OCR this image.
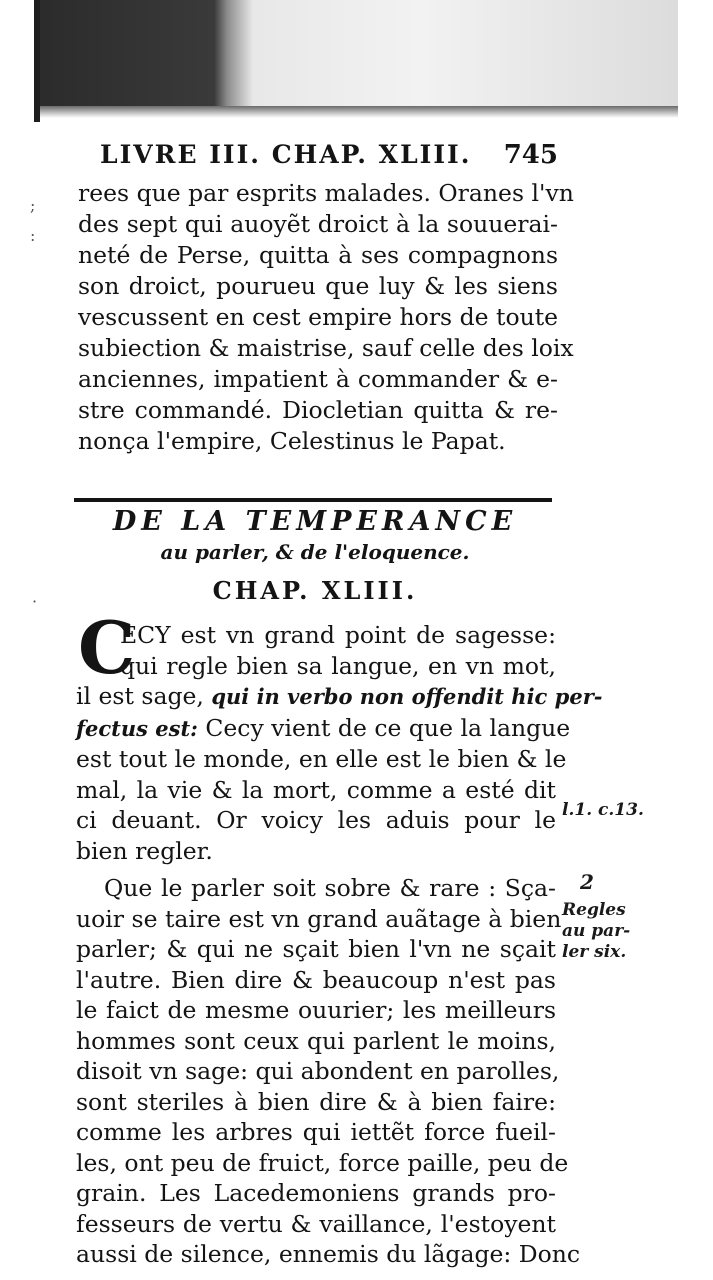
;
:
·
LIVRE III. CHAP. XLIII. 745

rees que par esprits malades. Oranes l'vn

des sept qui auoyẽt droict à la souuerai-

neté de Perse, quitta à ses compagnons

son droict, pourueu que luy & les siens

vescussent en cest empire hors de toute

subiection & maistrise, sauf celle des loix

anciennes, impatient à commander & e-

stre commandé. Diocletian quitta & re-

nonça l'empire, Celestinus le Papat.

DE LA TEMPERANCE
au parler, & de l'eloquence.
CHAP. XLIII.
C

ECY est vn grand point de sagesse:

qui regle bien sa langue, en vn mot,

il est sage, qui in verbo non offendit hic per-

fectus est: Cecy vient de ce que la langue

est tout le monde, en elle est le bien & le

mal, la vie & la mort, comme a esté dit

ci deuant. Or voicy les aduis pour le

bien regler.

Que le parler soit sobre & rare : Sça-

uoir se taire est vn grand auãtage à bien

parler; & qui ne sçait bien l'vn ne sçait

l'autre. Bien dire & beaucoup n'est pas

le faict de mesme ouurier; les meilleurs

hommes sont ceux qui parlent le moins,

disoit vn sage: qui abondent en parolles,

sont steriles à bien dire & à bien faire:

comme les arbres qui iettẽt force fueil-

les, ont peu de fruict, force paille, peu de

grain. Les Lacedemoniens grands pro-

fesseurs de vertu & vaillance, l'estoyent

aussi de silence, ennemis du lãgage: Donc

l.1. c.13.
2
Regles
au par-
ler six.
